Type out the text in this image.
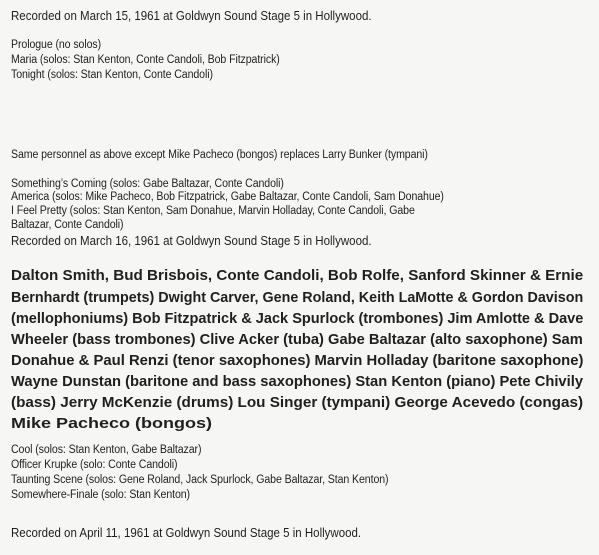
Recorded on March 15, 1961 at Goldwyn Sound Stage 5 in Hollywood.
Prologue (no solos)
Maria (solos: Stan Kenton, Conte Candoli, Bob Fitzpatrick)
Tonight (solos: Stan Kenton, Conte Candoli)
Same personnel as above except Mike Pacheco (bongos) replaces Larry Bunker (tympani)
Something’s Coming (solos: Gabe Baltazar, Conte Candoli)
America (solos: Mike Pacheco, Bob Fitzpatrick, Gabe Baltazar, Conte Candoli, Sam Donahue)
I Feel Pretty (solos: Stan Kenton, Sam Donahue, Marvin Holladay, Conte Candoli, Gabe
Baltazar, Conte Candoli)
Recorded on March 16, 1961 at Goldwyn Sound Stage 5 in Hollywood.
Dalton Smith, Bud Brisbois, Conte Candoli, Bob Rolfe, Sanford Skinner & Ernie
Bernhardt (trumpets) Dwight Carver, Gene Roland, Keith LaMotte & Gordon Davison
(mellophoniums) Bob Fitzpatrick & Jack Spurlock (trombones) Jim Amlotte & Dave
Wheeler (bass trombones) Clive Acker (tuba) Gabe Baltazar (alto saxophone) Sam
Donahue & Paul Renzi (tenor saxophones) Marvin Holladay (baritone saxophone)
Wayne Dunstan (baritone and bass saxophones) Stan Kenton (piano) Pete Chivily
(bass) Jerry McKenzie (drums) Lou Singer (tympani) George Acevedo (congas)
Mike Pacheco (bongos)
Cool (solos: Stan Kenton, Gabe Baltazar)
Officer Krupke (solo: Conte Candoli)
Taunting Scene (solos: Gene Roland, Jack Spurlock, Gabe Baltazar, Stan Kenton)
Somewhere-Finale (solo: Stan Kenton)
Recorded on April 11, 1961 at Goldwyn Sound Stage 5 in Hollywood.
